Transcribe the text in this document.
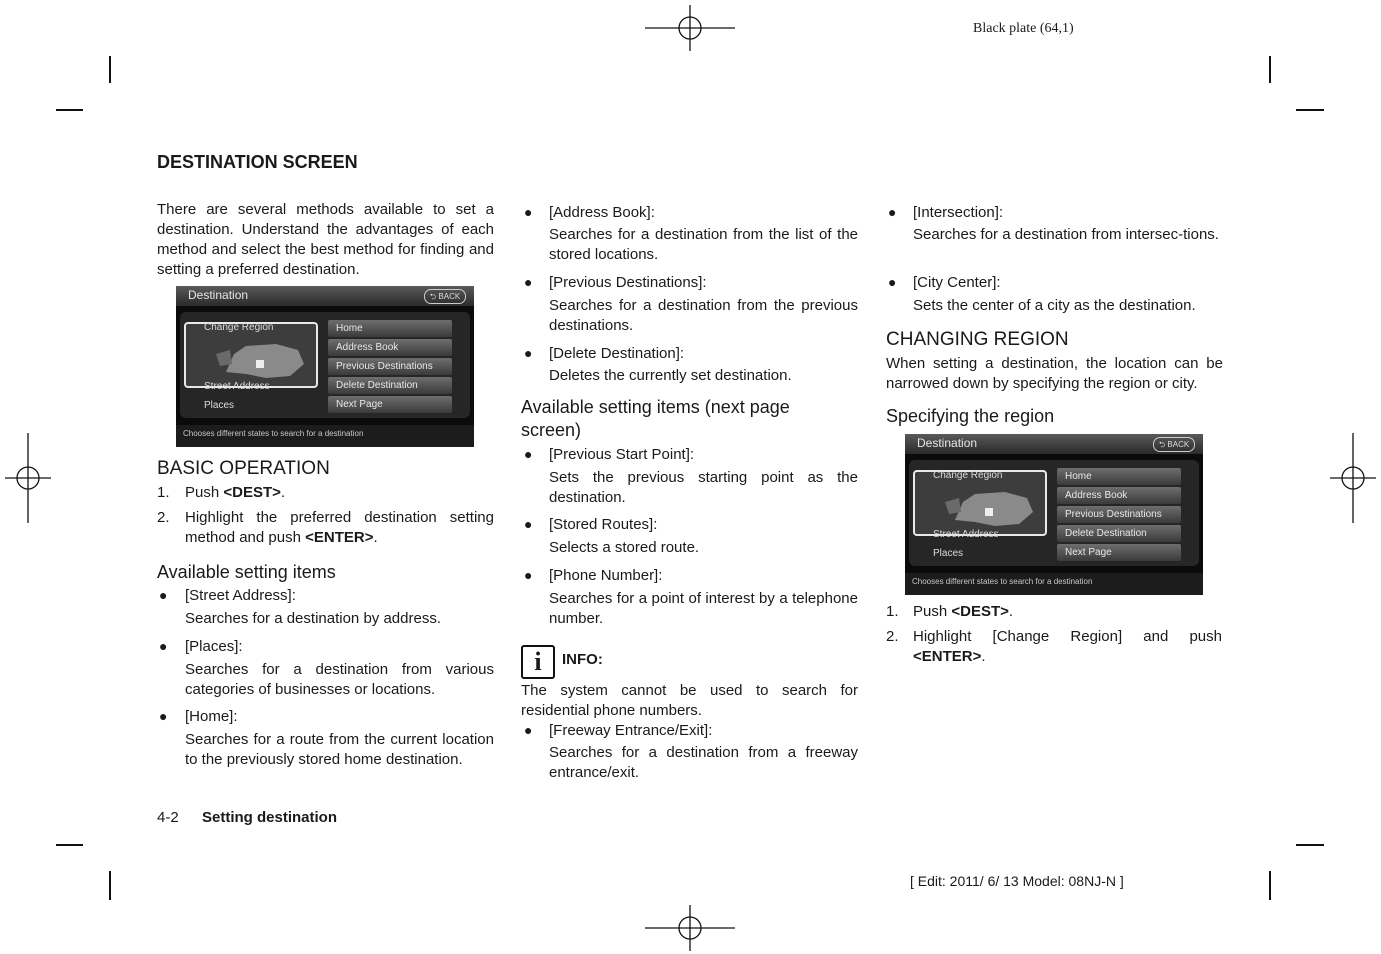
Black plate (64,1)
DESTINATION SCREEN

There are several methods available to set a destination. Understand the advantages of each method and select the best method for finding and setting a preferred destination.

Destination	⮌ BACK
Change Region
Street Address
Places
Home
Address Book
Previous Destinations
Delete Destination
Next Page
Chooses different states to search for a destination
BASIC OPERATION
1. Push <DEST>.
2. Highlight the preferred destination setting method and push <ENTER>.
Available setting items
● [Street Address]:
Searches for a destination by address.
● [Places]:
Searches for a destination from various categories of businesses or locations.
● [Home]:
Searches for a route from the current location to the previously stored home destination.
4-2 Setting destination
● [Address Book]:
Searches for a destination from the list of the stored locations.
● [Previous Destinations]:
Searches for a destination from the previous destinations.
● [Delete Destination]:
Deletes the currently set destination.
Available setting items (next page screen)
● [Previous Start Point]:
Sets the previous starting point as the destination.
● [Stored Routes]:
Selects a stored route.
● [Phone Number]:
Searches for a point of interest by a telephone number.
i	INFO:

The system cannot be used to search for residential phone numbers.

● [Freeway Entrance/Exit]:
Searches for a destination from a freeway entrance/exit.
● [Intersection]:
Searches for a destination from intersec-tions.
● [City Center]:
Sets the center of a city as the destination.
CHANGING REGION

When setting a destination, the location can be narrowed down by specifying the region or city.

Specifying the region
Destination	⮌ BACK
Change Region
Street Address
Places
Home
Address Book
Previous Destinations
Delete Destination
Next Page
Chooses different states to search for a destination
1. Push <DEST>.
2. Highlight [Change Region] and push <ENTER>.
[ Edit: 2011/ 6/ 13 Model: 08NJ-N ]
